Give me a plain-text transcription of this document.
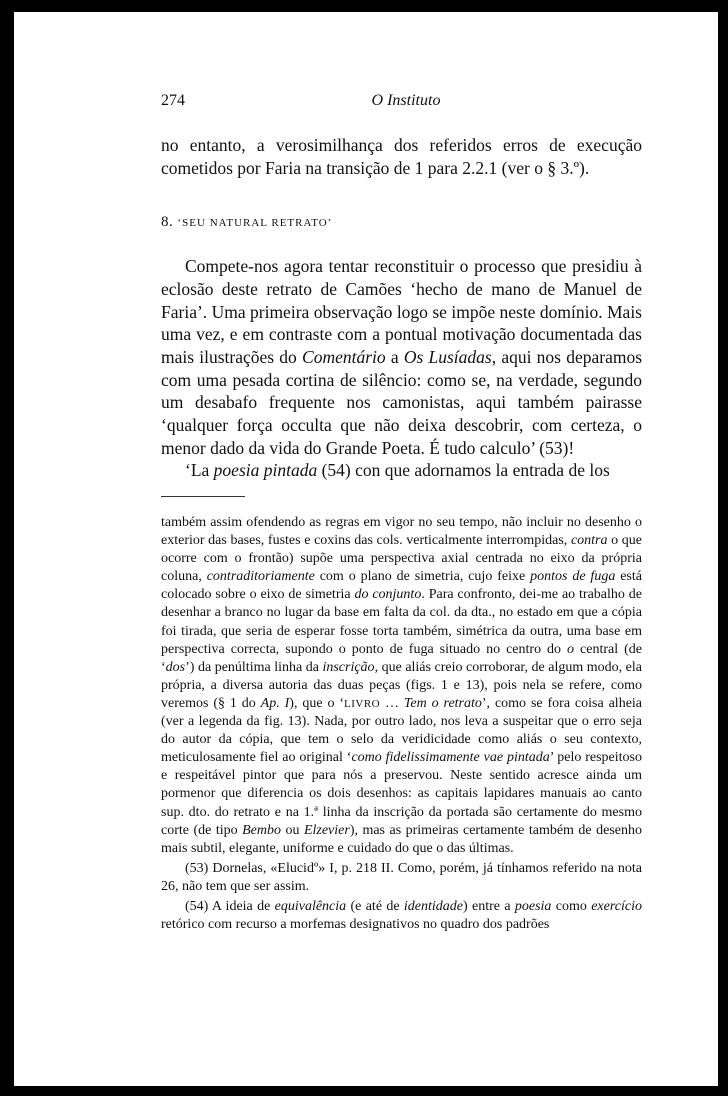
274	O Instituto

no entanto, a verosimilhança dos referidos erros de execução cometidos por Faria na transição de 1 para 2.2.1 (ver o § 3.º).

8. ‘SEU NATURAL RETRATO’

Compete-nos agora tentar reconstituir o processo que presidiu à eclosão deste retrato de Camões ‘hecho de mano de Manuel de Faria’. Uma primeira observação logo se impõe neste domínio. Mais uma vez, e em contraste com a pontual motivação documentada das mais ilustrações do Comentário a Os Lusíadas, aqui nos deparamos com uma pesada cortina de silêncio: como se, na verdade, segundo um desabafo frequente nos camonistas, aqui também pairasse ‘qualquer força occulta que não deixa descobrir, com certeza, o menor dado da vida do Grande Poeta. É tudo calculo’ (53)!

‘La poesia pintada (54) con que adornamos la entrada de los

também assim ofendendo as regras em vigor no seu tempo, não incluir no desenho o exterior das bases, fustes e coxins das cols. verticalmente interrompidas, contra o que ocorre com o frontão) supõe uma perspectiva axial centrada no eixo da própria coluna, contraditoriamente com o plano de simetria, cujo feixe pontos de fuga está colocado sobre o eixo de simetria do conjunto. Para confronto, dei-me ao trabalho de desenhar a branco no lugar da base em falta da col. da dta., no estado em que a cópia foi tirada, que seria de esperar fosse torta também, simétrica da outra, uma base em perspectiva correcta, supondo o ponto de fuga situado no centro do o central (de ‘dos’) da penúltima linha da inscrição, que aliás creio corroborar, de algum modo, ela própria, a diversa autoria das duas peças (figs. 1 e 13), pois nela se refere, como veremos (§ 1 do Ap. I), que o ‘LIVRO … Tem o retrato’, como se fora coisa alheia (ver a legenda da fig. 13). Nada, por outro lado, nos leva a suspeitar que o erro seja do autor da cópia, que tem o selo da veridicidade como aliás o seu contexto, meticulosamente fiel ao original ‘como fidelissimamente vae pintada’ pelo respeitoso e respeitável pintor que para nós a preservou. Neste sentido acresce ainda um pormenor que diferencia os dois desenhos: as capitais lapidares manuais ao canto sup. dto. do retrato e na 1.ª linha da inscrição da portada são certamente do mesmo corte (de tipo Bembo ou Elzevier), mas as primeiras certamente também de desenho mais subtil, elegante, uniforme e cuidado do que o das últimas.

(53) Dornelas, «Elucidº» I, p. 218 II. Como, porém, já tínhamos referido na nota 26, não tem que ser assim.

(54) A ideia de equivalência (e até de identidade) entre a poesia como exercício retórico com recurso a morfemas designativos no quadro dos padrões
